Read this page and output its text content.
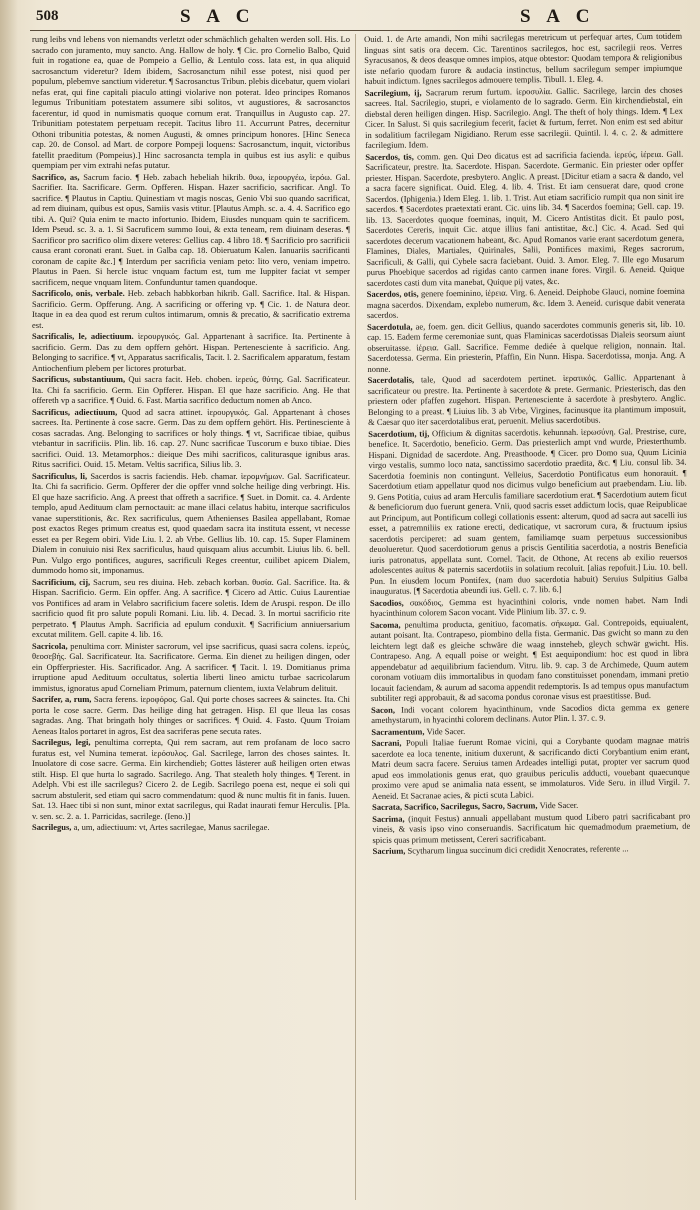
508	S A C	S A C

rung leibs vnd lebens von niemandts verletzt oder schmächlich gehalten werden soll. His. Lo sacrado con juramento, muy sancto. Ang. Hallow de holy. ¶ Cic. pro Cornelio Balbo, Quid fuit in rogatione ea, quae de Pompeio a Gellio, & Lentulo coss. lata est, in qua aliquid sacrosanctum videretur? Idem ibidem, Sacrosanctum nihil esse potest, nisi quod per populum, plebemve sanctium videretur. ¶ Sacrosanctus Tribun. plebis dicebatur, quem violari nefas erat, qui fine capitali piaculo attingi violarive non poterat. Ideo principes Romanos legumus Tribunitiam potestatem assumere sibi solitos, vt augustiores, & sacrosanctos facerentur, id quod in numismatis quoque cornum erat. Tranquillus in Augusto cap. 27. Tribunitiam potestatem perpetuam recepit. Tacitus libro 11. Accurrunt Patres, decernitur Othoni tribunitia potestas, & nomen Augusti, & omnes principum honores. [Hinc Seneca cap. 20. de Consol. ad Mart. de corpore Pompeji loquens: Sacrosanctum, inquit, victoribus fatellit praeditum (Pompeius).] Hinc sacrosancta templa in quibus est ius asyli: e quibus quempiam per vim extrahi nefas putatur.

Sacrifico, as, Sacrum facio. ¶ Heb. zabach hebeliah hikrib. θυω, ἱερουργέω, ἱερόω. Gal. Sacrifier. Ita. Sacrificare. Germ. Opfferen. Hispan. Hazer sacrificio, sacrificar. Angl. To sacrifice. ¶ Plautus in Captiu. Quinestiam vt magis noscas, Genio Vbi suo quando sacrificat, ad rem diuinam, quibus est opus, Samiis vasis vtitur. [Plautus Amph. sc. a. 4. 4. Sacrifico ego tibi. A. Qui? Quia enim te macto infortunio. Ibidem, Eiusdes nunquam quin te sacrificem. Idem Pseud. sc. 3. a. 1. Si Sacruficem summo Ioui, & exta teneam, rem diuinam deseras. ¶ Sacrificor pro sacrifico olim dixere veteres: Gellius cap. 4 libro 18. ¶ Sacrificio pro sacrificii causa erant coronati erant. Suet. in Galba cap. 18. Obieruatum Kalen. Ianuariis sacrificanti coronam de capite &c.] ¶ Interdum per sacrificia veniam peto: lito vero, veniam impetro. Plautus in Paen. Si hercle istuc vnquam factum est, tum me Iuppiter faciat vt semper sacrificem, neque vnquam litem. Confunduntur tamen quandoque.

Sacrificolo, onis, verbale. Heb. zebach habbkorban hikrib. Gall. Sacrifice. Ital. & Hispan. Sacrificio. Germ. Opfferung. Ang. A sacrificing or offering vp. ¶ Cic. 1. de Natura deor. Itaque in ea dea quod est rerum cultos intimarum, omnis & precatio, & sacrificatio extrema est.

Sacrificalis, le, adiectiuum. ἱερουργικός. Gal. Appartenant à sacrifice. Ita. Pertinente à sacrificio. Germ. Das zu dem opffern gehört. Hispan. Pertenesciente à sacrificio. Ang. Belonging to sacrifice. ¶ vt, Apparatus sacrificalis, Tacit. l. 2. Sacrificalem apparatum, festam Antiochenfium plebem per lictores proturbat.

Sacrificus, substantiuum, Qui sacra facit. Heb. choben. ἱερεύς, θύτης. Gal. Sacrificateur. Ita. Chi fa sacrificio. Germ. Ein Opfferer. Hispan. El que haze sacrificio. Ang. He that offereth vp a sacrifice. ¶ Ouid. 6. Fast. Martia sacrifico deductum nomen ab Anco.

Sacrificus, adiectiuum, Quod ad sacra attinet. ἱερουργικός. Gal. Appartenant à choses sacrees. Ita. Pertinente à cose sacre. Germ. Das zu dem opffern gehört. His. Pertinesciente à cosas sacradas. Ang. Belonging to sacrifices or holy things. ¶ vt, Sacrificae tibiae, quibus vtebantur in sacrificiis. Plin. lib. 16. cap. 27. Nunc sacrificae Tuscorum e buxo tibiae. Dies sacrifici. Ouid. 13. Metamorphos.: dieique Des mihi sacrificos, caliturasque ignibus aras. Ritus sacrifici. Ouid. 15. Metam. Veltis sacrifica, Silius lib. 3.

Sacrificulus, li, Sacerdos is sacris faciendis. Heb. chamar. ἱερομνήμων. Gal. Sacrificateur. Ita. Chi fa sacrificio. Germ. Opfferer der die opffer vnnd solche heilige ding verbringt. His. El que haze sacrificio. Ang. A preest that offreth a sacrifice. ¶ Suet. in Domit. ca. 4. Ardente templo, apud Aedituum clam pernoctauit: ac mane illaci celatus habitu, interque sacrificulos vanae superstitionis, &c. Rex sacrificulus, quem Athenienses Basilea appellabant, Romae post exactos Reges primum creatus est, quod quaedam sacra ita instituta essent, vt necesse esset ea per Regem obiri. Vide Liu. l. 2. ab Vrbe. Gellius lib. 10. cap. 15. Super Flaminem Dialem in conuiuio nisi Rex sacrificulus, haud quisquam alius accumbit. Liuius lib. 6. bell. Pun. Vulgo ergo pontifices, augures, sacrificuli Reges creentur, cuilibet apicem Dialem, dummodo homo sit, imponamus.

Sacrificium, cij, Sacrum, seu res diuina. Heb. zebach korban. θυσία. Gal. Sacrifice. Ita. & Hispan. Sacrificio. Germ. Ein opffer. Ang. A sacrifice. ¶ Cicero ad Attic. Cuius Laurentiae vos Pontifices ad aram in Velabro sacrificium facere soletis. Idem de Aruspi. respon. De illo sacrificio quod fit pro salute populi Romani. Liu. lib. 4. Decad. 3. In mortui sacrificio rite perpetrato. ¶ Plautus Amph. Sacrificia ad epulum conduxit. ¶ Sacrificium anniuersarium excutat militem. Gell. capite 4. lib. 16.

Sacricola, penultima corr. Minister sacrorum, vel ipse sacrificus, quasi sacra colens. ἱερεύς, θεοσεβής. Gal. Sacrificateur. Ita. Sacrificatore. Germa. Ein dienet zu heiligen dingen, oder ein Opfferpriester. His. Sacrificador. Ang. A sacrificer. ¶ Tacit. l. 19. Domitianus prima irruptione apud Aedituum occultatus, solertia liberti lineo amictu turbae sacricolarum immistus, ignoratus apud Corneliam Primum, paternum clientem, iuxta Velabrum delituit.

Sacrifer, a, rum, Sacra ferens. ἱεροφόρος. Gal. Qui porte choses sacrees & sainctes. Ita. Chi porta le cose sacre. Germ. Das heilige ding hat getragen. Hisp. El que lleua las cosas sagradas. Ang. That bringath holy thinges or sacrifices. ¶ Ouid. 4. Fasto. Quum Troiam Aeneas Italos portaret in agros, Est dea sacriferas pene secuta rates.

Sacrilegus, legi, penultima correpta, Qui rem sacram, aut rem profanam de loco sacro furatus est, vel Numina temerat. ἱερόσυλος. Gal. Sacrilege, larron des choses saintes. It. Inuolatore di cose sacre. Germa. Ein kirchendieb; Gottes lästerer auß heiligen orten etwas stilt. Hisp. El que hurta lo sagrado. Sacrilego. Ang. That stealeth holy thinges. ¶ Terent. in Adelph. Vbi est ille sacrilegus? Cicero 2. de Legib. Sacrilego poena est, neque ei soli qui sacrum abstulerit, sed etiam qui sacro commendatum: quod & nunc multis fit in fanis. Iuuen. Sat. 13. Haec tibi si non sunt, minor extat sacrilegus, qui Radat inaurati femur Herculis. [Pla. v. sen. sc. 2. a. 1. Parricidas, sacrilege. (Ieno.)]

Sacrilegus, a, um, adiectiuum: vt, Artes sacrilegae, Manus sacrilegae.

Ouid. 1. de Arte amandi, Non mihi sacrilegas meretricum ut perfequar artes, Cum totidem linguas sint satis ora decem. Cic. Tarentinos sacrilegos, hoc est, sacrilegii reos. Verres Syracusanos, & deos deasque omnes impios, atque obtestor: Quodam tempora & religionibus iste nefario quodam furore & audacia instinctus, bellum sacrilegum semper impiumque habuit indictum. Ignes sacrilegos admouere templis. Tibull. 1. Eleg. 4.

Sacrilegium, ij, Sacrarum rerum furtum. ἱεροσυλία. Gallic. Sacrilege, larcin des choses sacrees. Ital. Sacrilegio, stupri, e violamento de lo sagrado. Germ. Ein kirchendiebstal, ein diebstal deren heiligen dingen. Hisp. Sacrilegio. Angl. The theft of holy things. Idem. ¶ Lex Cicer. In Salust. Si quis sacrilegium fecerit, faciet & furtum, ferret. Non enim est sed abitur in sodalitium facrilegam Nigidiano. Rerum esse sacrilegii. Quintil. l. 4. c. 2. & admittere facrilegium. Idem.

Sacerdos, tis, comm. gen. Qui Deo dicatus est ad sacrificia facienda. ἱερεύς, ἱέρεια. Gall. Sacrificateur, prestre. Ita. Sacerdote. Hispan. Sacerdote. Germanic. Ein priester oder opffer priester. Hispan. Sacerdote, presbytero. Anglic. A preast. [Dicitur etiam a sacra & dando, vel a sacra facere significat. Ouid. Eleg. 4. lib. 4. Trist. Et iam censuerat dare, quod crone Sacerdos. (Iphigenia.) Idem Eleg. 1. lib. 1. Trist. Aut etiam sacrificio rumpit qua non sinit ire sacerdos. ¶ Sacerdotes praetextati erant. Cic. uins lib. 34. ¶ Sacerdos foemina; Gell. cap. 19. lib. 13. Sacerdotes quoque foeminas, inquit, M. Cicero Antistitas dicit. Et paulo post, Sacerdotes Cereris, inquit Cic. atque illius fani antistitae, &c.] Cic. 4. Acad. Sed qui sacerdotes decerum vacationem habeant, &c. Apud Romanos varie erant sacerdotum genera, Flamines, Diales, Martiales, Quirinales, Salii, Pontifices maximi, Reges sacrorum, Sacrificuli, & Galli, qui Cybele sacra faciebant. Ouid. 3. Amor. Eleg. 7. Ille ego Musarum purus Phoebique sacerdos ad rigidas canto carmen inane fores. Virgil. 6. Aeneid. Quique sacerdotes casti dum vita manebat, Quique pij vates, &c.

Sacerdos, otis, genere foeminino, ἱέρεια. Virg. 6. Aeneid. Deiphobe Glauci, nomine foemina magna sacerdos. Dixendam, explebo numerum, &c. Idem 3. Aeneid. curisque dabit venerata sacerdos.

Sacerdotula, ae, foem. gen. dicit Gellius, quando sacerdotes communis generis sit, lib. 10. cap. 15. Eadem ferme ceremoniae sunt, quas Flaminicas sacerdotissas Dialeis seorsum aiunt obseruitasse. ἱέρεια. Gall. Sacrifice. Femme dediée à quelque religion, nonnain. Ital. Sacerdotessa. Germa. Ein priesterin, Pfaffin, Ein Nunn. Hispa. Sacerdotissa, monja. Ang. A nonne.

Sacerdotalis, tale, Quod ad sacerdotem pertinet. ἱερατικός. Gallic. Appartenant à sacrificateur ou prestre. Ita. Pertinente à sacerdote & prete. Germanic. Priesterisch, das den priestern oder pfaffen zugehort. Hispan. Pertenesciente à sacerdote à presbytero. Anglic. Belonging to a preast. ¶ Liuius lib. 3 ab Vrbe, Virgines, facinusque ita plantimum imposuit, & Caesar quo iter sacerdotalibus erat, peruenit. Melius sacerdotibus.

Sacerdotium, tij, Officium & dignitas sacerdotis. kehunnah. ἱερωσύνη. Gal. Prestrise, cure, benefice. It. Sacerdotio, beneficio. Germ. Das priesterlich ampt vnd wurde, Priesterthumb. Hispani. Dignidad de sacerdote. Ang. Preasthoode. ¶ Cicer. pro Domo sua, Quum Licinia virgo vestalis, summo loco nata, sanctissimo sacerdotio praedita, &c. ¶ Liu. consul lib. 34. Sacerdotia foeminis non contingunt. Velleius, Sacerdotio Pontificatus eum honorauit. ¶ Sacerdotium etiam appellatur quod nos dicimus vulgo beneficium aut praebendam. Liu. lib. 9. Gens Potitia, cuius ad aram Herculis familiare sacerdotium erat. ¶ Sacerdotium autem ficut & beneficiorum duo fuerunt genera. Vnii, quod sacris esset addictum locis, quae Reipublicae aut Principum, aut Pontificum collegi collationis essent: alterum, quod ad sacra aut sacelli ius esset, a patremniliis ex ratione erecti, dedicatique, vt sacrorum cura, & fructuum ipsius sacerdotis perciperet: ad suam gentem, familiamqe suam perpetuus successionibus deuolueretur. Quod sacerdotiorum genus a priscis Gentilitia sacerdotia, a nostris Beneficia iuris patronatus, appellata sunt. Cornel. Tacit. de Othone, At recens ab exilio reuersos adolescentes auitus & paternis sacerdotiis in solatium recoluit. [alias repofuit.] Liu. 10. bell. Pun. In eiusdem locum Pontifex, (nam duo sacerdotia habuit) Seruius Sulpitius Galba inauguratus. [¶ Sacerdotia abeundi ius. Gell. c. 7. lib. 6.]

Sacodios, σακόδιος, Gemma est hyacinthini coloris, vnde nomen habet. Nam Indi hyacinthinum colorem Sacon vocant. Vide Plinium lib. 37. c. 9.

Sacoma, penultima producta, genitiuo, facomatis. σήκωμα. Gal. Contrepoids, equiualent, autant poisant. Ita. Contrapeso, piombino della fista. Germanic. Das gwicht so mann zu den leichtern legt daß es gleiche schwäre die waag innsteheb, gleych schwär gwicht. His. Contrapeso. Ang. A equall poise or weight. ¶ Est aequipondium: hoc est quod in libra appendebatur ad aequilibrium faciendum. Vitru. lib. 9. cap. 3 de Archimede, Quum autem coronam votiuam diis immortalibus in quodam fano constituisset ponendam, immani pretio locauit faciendam, & aurum ad sacoma appendit redemptoris. Is ad tempus opus manufactum subtiliter regi approbauit, & ad sacoma pondus coronae visus est praestitisse. Bud.

Sacon, Indi vocant colorem hyacinthinum, vnde Sacodios dicta gemma ex genere amethystarum, in hyacinthi colorem declinans. Autor Plin. l. 37. c. 9.

Sacramentum, Vide Sacer.

Sacrani, Populi Italiae fuerunt Romae vicini, qui a Corybante quodam magnae matris sacerdote ea loca tenente, initium duxerunt, & sacrificando dicti Corybantium enim erant, Matri deum sacra facere. Seruius tamen Ardeades intelligi putat, propter ver sacrum quod apud eos immolationis genus erat, quo grauibus periculis adducti, vouebant quaecunque proximo vere apud se animalia nata essent, se immolaturos. Vide Seru. in illud Virgil. 7. Aeneid. Et Sacranae acies, & picti scuta Labici.

Sacrata, Sacrifico, Sacrilegus, Sacro, Sacrum, Vide Sacer.

Sacrima, (inquit Festus) annuali appellabant mustum quod Libero patri sacrificabant pro vineis, & vasis ipso vino conseruandis. Sacrificatum hic quemadmodum praemetium, de spicis quas primum metissent, Cereri sacrificabant.

Sacrium, Scytharum lingua succinum dici credidit Xenocrates, referente ...
